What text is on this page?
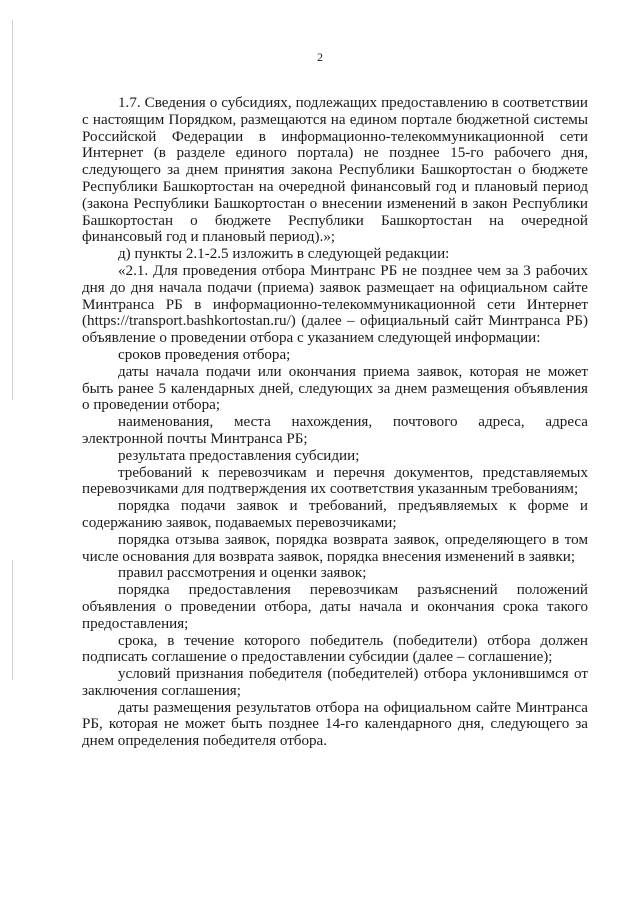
2

1.7. Сведения о субсидиях, подлежащих предоставлению в соответствии с настоящим Порядком, размещаются на едином портале бюджетной системы Российской Федерации в информационно-телекоммуникационной сети Интернет (в разделе единого портала) не позднее 15-го рабочего дня, следующего за днем принятия закона Республики Башкортостан о бюджете Республики Башкортостан на очередной финансовый год и плановый период (закона Республики Башкортостан о внесении изменений в закон Республики Башкортостан о бюджете Республики Башкортостан на очередной финансовый год и плановый период).»;

д) пункты 2.1-2.5 изложить в следующей редакции:

«2.1. Для проведения отбора Минтранс РБ не позднее чем за 3 рабочих дня до дня начала подачи (приема) заявок размещает на официальном сайте Минтранса РБ в информационно-телекоммуникационной сети Интернет (https://transport.bashkortostan.ru/) (далее – официальный сайт Минтранса РБ) объявление о проведении отбора с указанием следующей информации:

сроков проведения отбора;

даты начала подачи или окончания приема заявок, которая не может быть ранее 5 календарных дней, следующих за днем размещения объявления о проведении отбора;

наименования, места нахождения, почтового адреса, адреса электронной почты Минтранса РБ;

результата предоставления субсидии;

требований к перевозчикам и перечня документов, представляемых перевозчиками для подтверждения их соответствия указанным требованиям;

порядка подачи заявок и требований, предъявляемых к форме и содержанию заявок, подаваемых перевозчиками;

порядка отзыва заявок, порядка возврата заявок, определяющего в том числе основания для возврата заявок, порядка внесения изменений в заявки;

правил рассмотрения и оценки заявок;

порядка предоставления перевозчикам разъяснений положений объявления о проведении отбора, даты начала и окончания срока такого предоставления;

срока, в течение которого победитель (победители) отбора должен подписать соглашение о предоставлении субсидии (далее – соглашение);

условий признания победителя (победителей) отбора уклонившимся от заключения соглашения;

даты размещения результатов отбора на официальном сайте Минтранса РБ, которая не может быть позднее 14-го календарного дня, следующего за днем определения победителя отбора.
